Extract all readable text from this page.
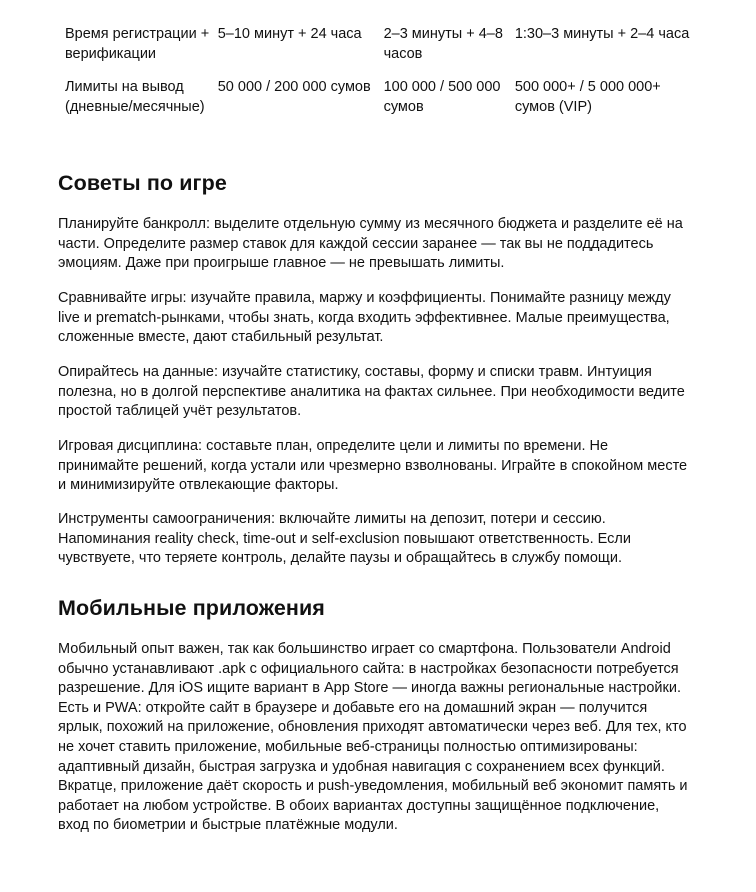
Время регистрации + верификации	5–10 минут + 24 часа	2–3 минуты + 4–8 часов	1:30–3 минуты + 2–4 часа
Лимиты на вывод (дневные/месячные)	50 000 / 200 000 сумов	100 000 / 500 000 сумов	500 000+ / 5 000 000+ сумов (VIP)
Советы по игре

Планируйте банкролл: выделите отдельную сумму из месячного бюджета и разделите её на части. Определите размер ставок для каждой сессии заранее — так вы не поддадитесь эмоциям. Даже при проигрыше главное — не превышать лимиты.

Сравнивайте игры: изучайте правила, маржу и коэффициенты. Понимайте разницу между live и prematch-рынками, чтобы знать, когда входить эффективнее. Малые преимущества, сложенные вместе, дают стабильный результат.

Опирайтесь на данные: изучайте статистику, составы, форму и списки травм. Интуиция полезна, но в долгой перспективе аналитика на фактах сильнее. При необходимости ведите простой таблицей учёт результатов.

Игровая дисциплина: составьте план, определите цели и лимиты по времени. Не принимайте решений, когда устали или чрезмерно взволнованы. Играйте в спокойном месте и минимизируйте отвлекающие факторы.

Инструменты самоограничения: включайте лимиты на депозит, потери и сессию. Напоминания reality check, time-out и self-exclusion повышают ответственность. Если чувствуете, что теряете контроль, делайте паузы и обращайтесь в службу помощи.

Мобильные приложения

Мобильный опыт важен, так как большинство играет со смартфона. Пользователи Android обычно устанавливают .apk с официального сайта: в настройках безопасности потребуется разрешение. Для iOS ищите вариант в App Store — иногда важны региональные настройки. Есть и PWA: откройте сайт в браузере и добавьте его на домашний экран — получится ярлык, похожий на приложение, обновления приходят автоматически через веб. Для тех, кто не хочет ставить приложение, мобильные веб-страницы полностью оптимизированы: адаптивный дизайн, быстрая загрузка и удобная навигация с сохранением всех функций. Вкратце, приложение даёт скорость и push-уведомления, мобильный веб экономит память и работает на любом устройстве. В обоих вариантах доступны защищённое подключение, вход по биометрии и быстрые платёжные модули.
